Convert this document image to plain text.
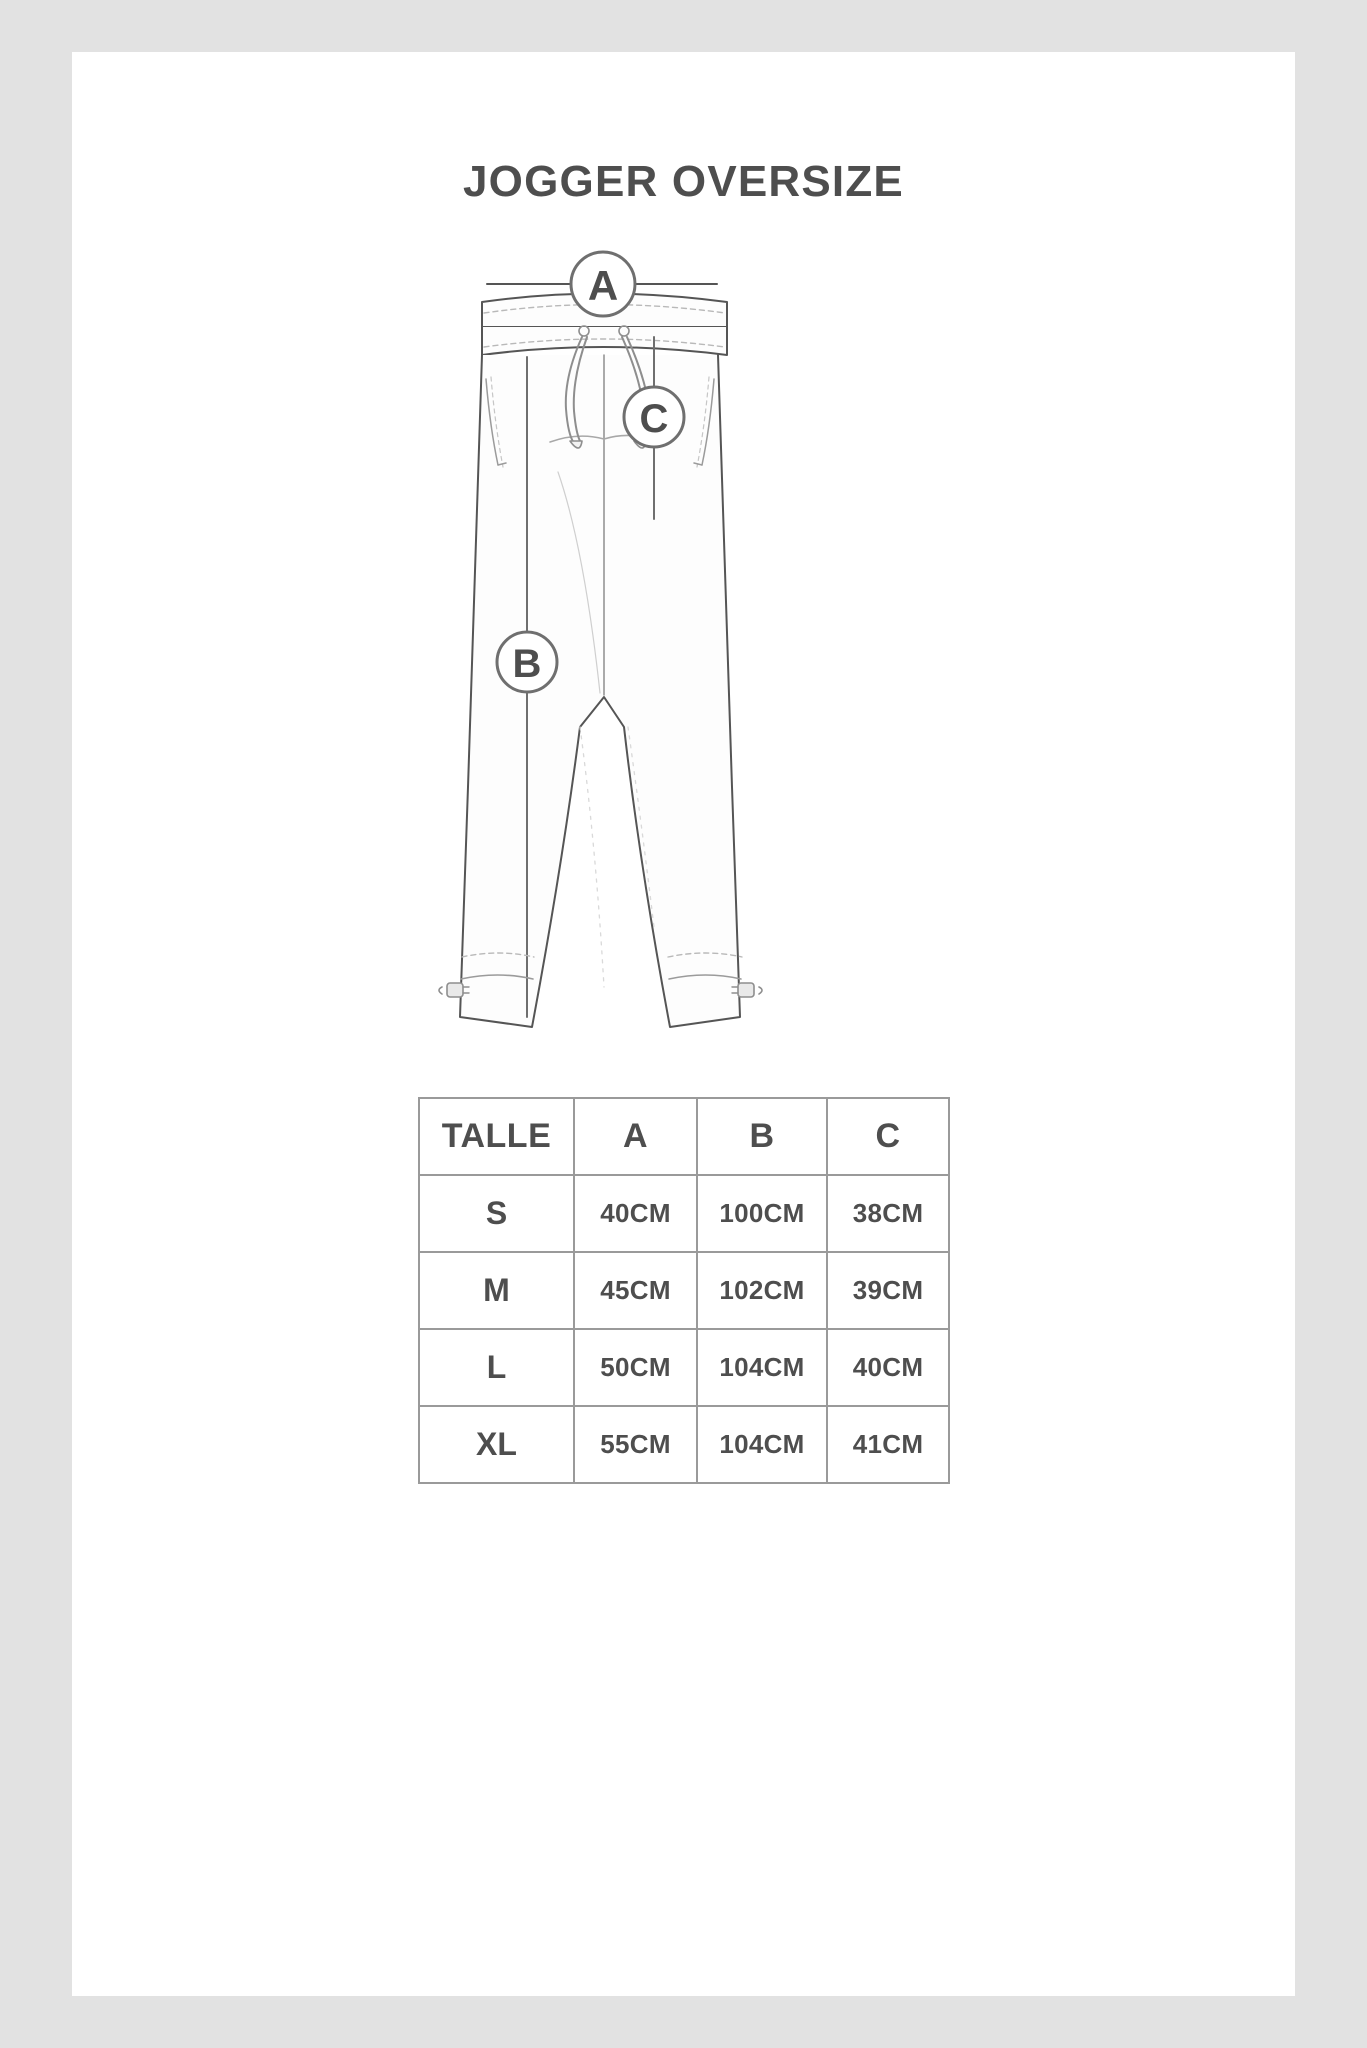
JOGGER OVERSIZE
A
C
B
TALLE	A	B	C
S	40CM	100CM	38CM
M	45CM	102CM	39CM
L	50CM	104CM	40CM
XL	55CM	104CM	41CM
